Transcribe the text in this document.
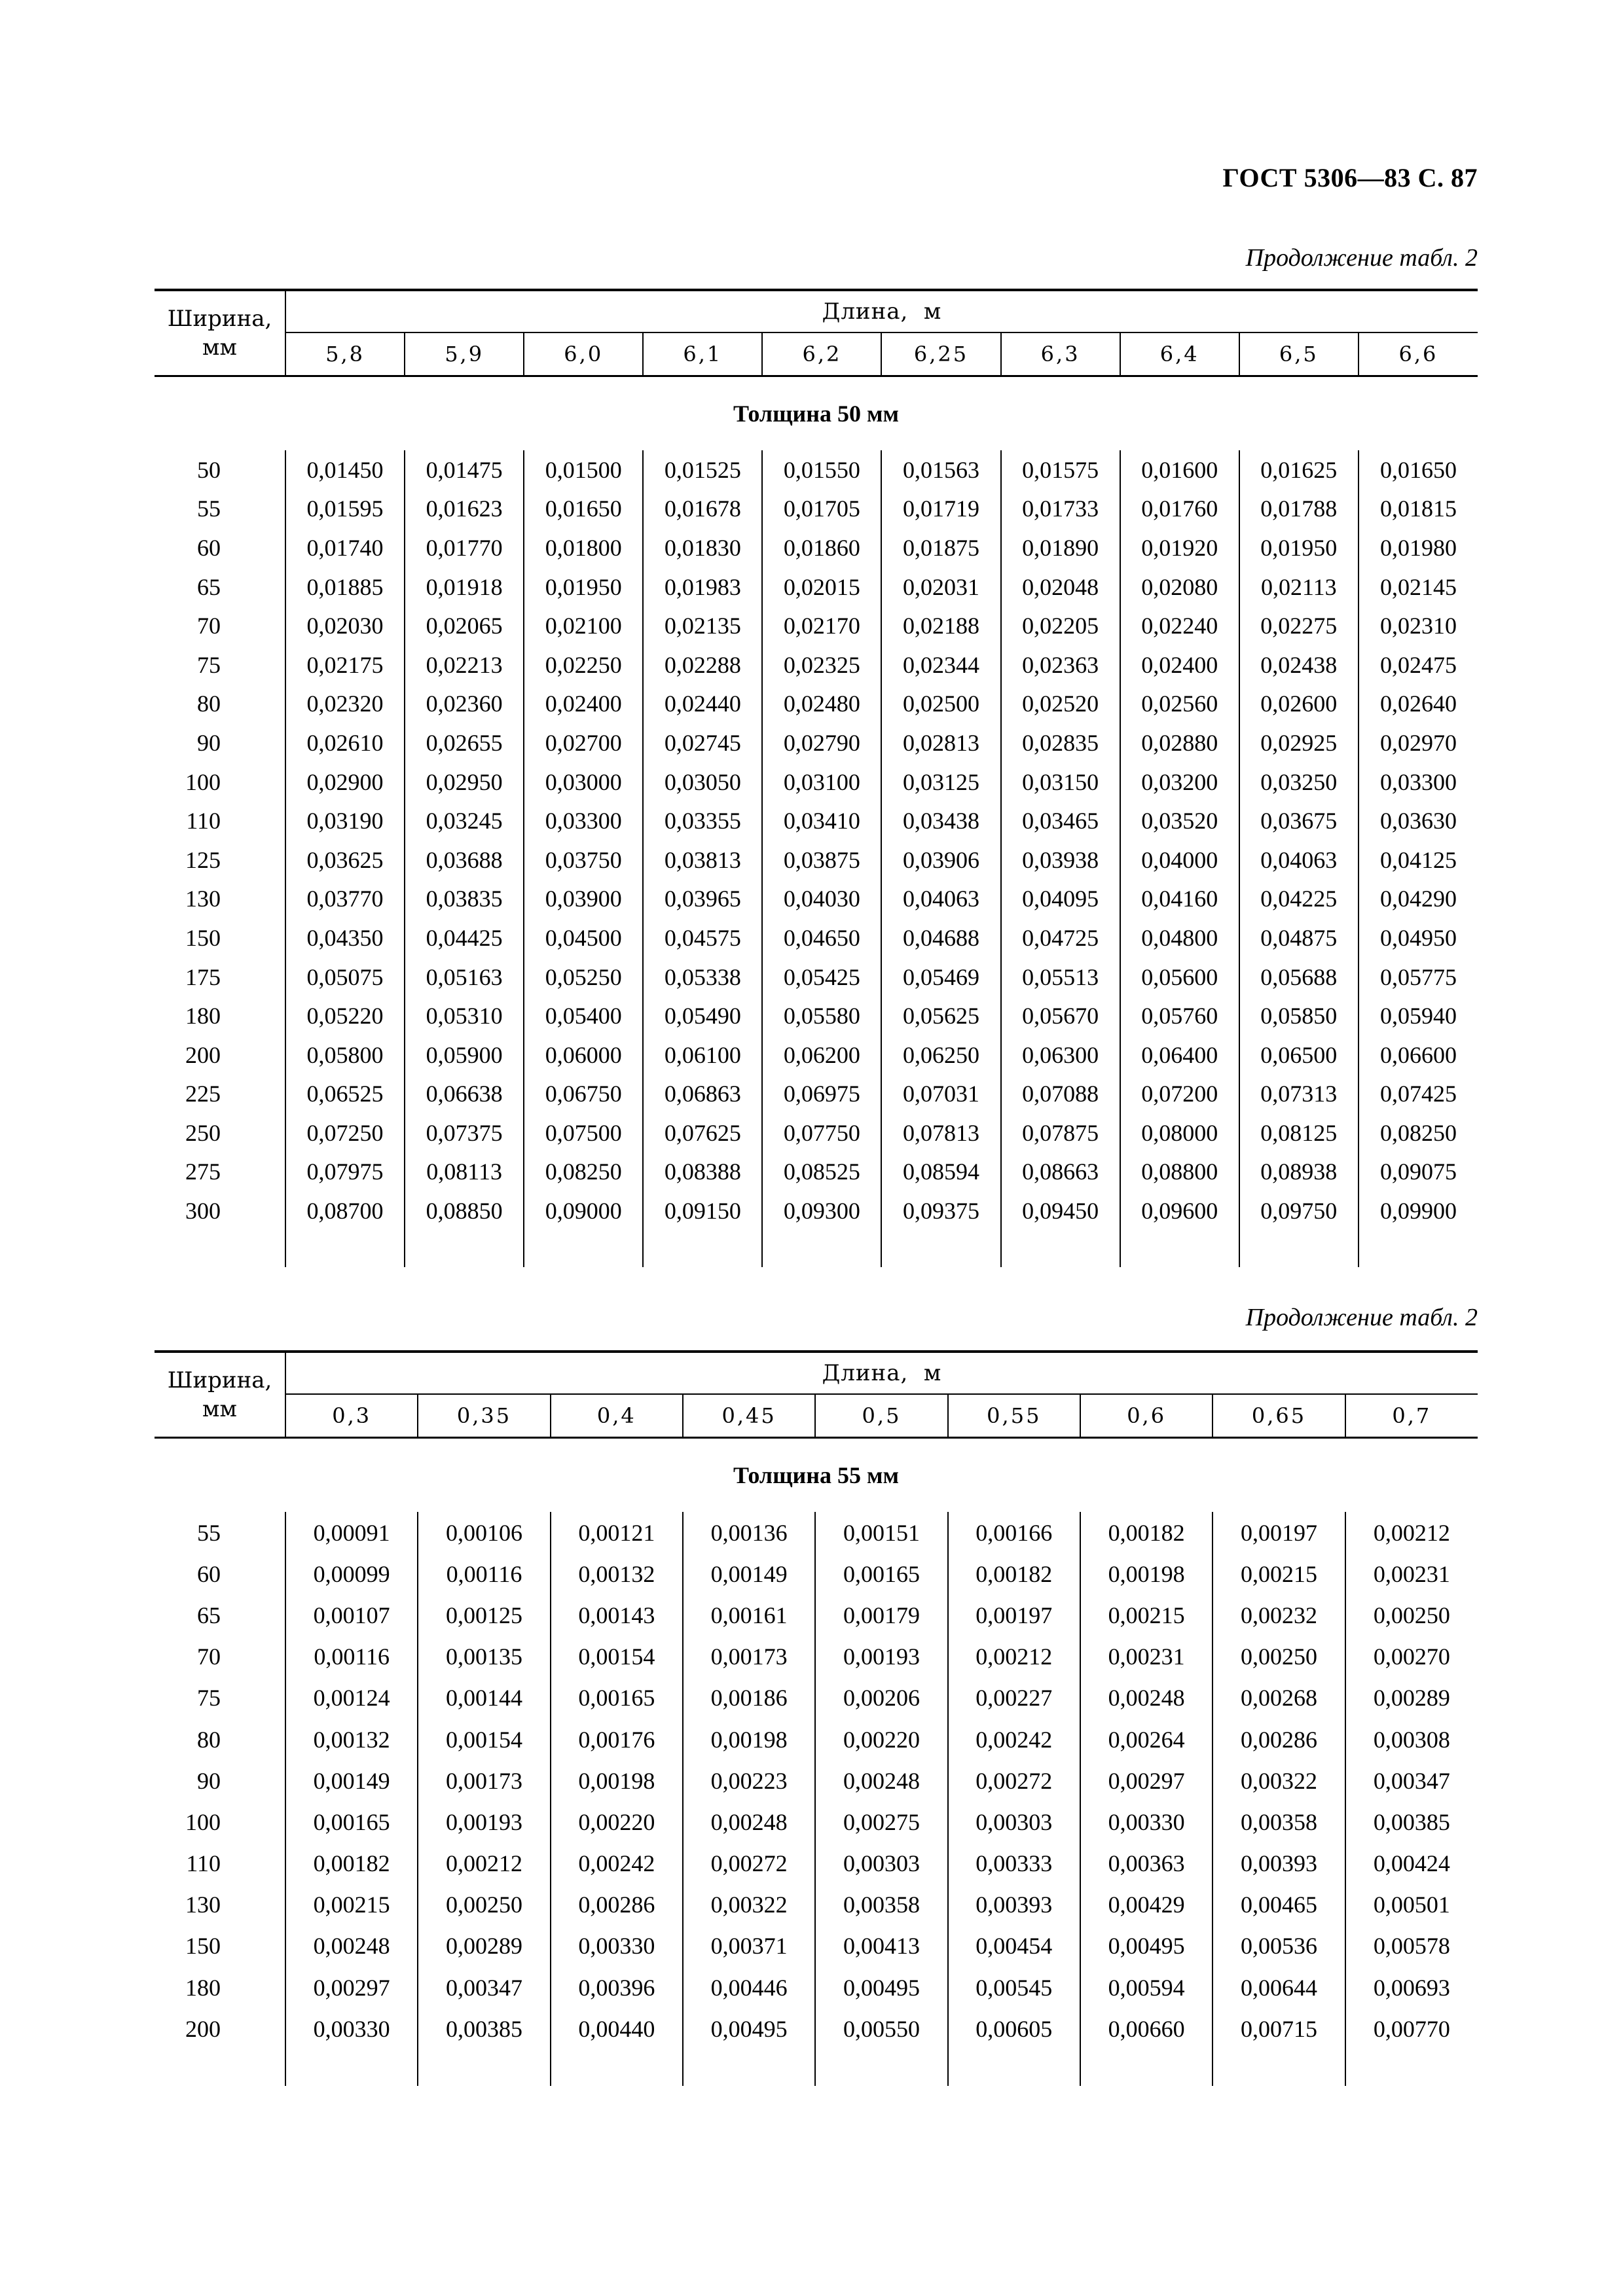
ГОСТ 5306—83 С. 87
Продолжение табл. 2
Ширина,
мм	Длина,  м									
	5,8	5,9	6,0	6,1	6,2	6,25	6,3	6,4	6,5	6,6
Толщина 50 мм										
50	0,01450	0,01475	0,01500	0,01525	0,01550	0,01563	0,01575	0,01600	0,01625	0,01650
55	0,01595	0,01623	0,01650	0,01678	0,01705	0,01719	0,01733	0,01760	0,01788	0,01815
60	0,01740	0,01770	0,01800	0,01830	0,01860	0,01875	0,01890	0,01920	0,01950	0,01980
65	0,01885	0,01918	0,01950	0,01983	0,02015	0,02031	0,02048	0,02080	0,02113	0,02145
70	0,02030	0,02065	0,02100	0,02135	0,02170	0,02188	0,02205	0,02240	0,02275	0,02310
75	0,02175	0,02213	0,02250	0,02288	0,02325	0,02344	0,02363	0,02400	0,02438	0,02475
80	0,02320	0,02360	0,02400	0,02440	0,02480	0,02500	0,02520	0,02560	0,02600	0,02640
90	0,02610	0,02655	0,02700	0,02745	0,02790	0,02813	0,02835	0,02880	0,02925	0,02970
100	0,02900	0,02950	0,03000	0,03050	0,03100	0,03125	0,03150	0,03200	0,03250	0,03300
110	0,03190	0,03245	0,03300	0,03355	0,03410	0,03438	0,03465	0,03520	0,03675	0,03630
125	0,03625	0,03688	0,03750	0,03813	0,03875	0,03906	0,03938	0,04000	0,04063	0,04125
130	0,03770	0,03835	0,03900	0,03965	0,04030	0,04063	0,04095	0,04160	0,04225	0,04290
150	0,04350	0,04425	0,04500	0,04575	0,04650	0,04688	0,04725	0,04800	0,04875	0,04950
175	0,05075	0,05163	0,05250	0,05338	0,05425	0,05469	0,05513	0,05600	0,05688	0,05775
180	0,05220	0,05310	0,05400	0,05490	0,05580	0,05625	0,05670	0,05760	0,05850	0,05940
200	0,05800	0,05900	0,06000	0,06100	0,06200	0,06250	0,06300	0,06400	0,06500	0,06600
225	0,06525	0,06638	0,06750	0,06863	0,06975	0,07031	0,07088	0,07200	0,07313	0,07425
250	0,07250	0,07375	0,07500	0,07625	0,07750	0,07813	0,07875	0,08000	0,08125	0,08250
275	0,07975	0,08113	0,08250	0,08388	0,08525	0,08594	0,08663	0,08800	0,08938	0,09075
300	0,08700	0,08850	0,09000	0,09150	0,09300	0,09375	0,09450	0,09600	0,09750	0,09900

Продолжение табл. 2
Ширина,
мм	Длина,  м								
	0,3	0,35	0,4	0,45	0,5	0,55	0,6	0,65	0,7
Толщина 55 мм									
55	0,00091	0,00106	0,00121	0,00136	0,00151	0,00166	0,00182	0,00197	0,00212
60	0,00099	0,00116	0,00132	0,00149	0,00165	0,00182	0,00198	0,00215	0,00231
65	0,00107	0,00125	0,00143	0,00161	0,00179	0,00197	0,00215	0,00232	0,00250
70	0,00116	0,00135	0,00154	0,00173	0,00193	0,00212	0,00231	0,00250	0,00270
75	0,00124	0,00144	0,00165	0,00186	0,00206	0,00227	0,00248	0,00268	0,00289
80	0,00132	0,00154	0,00176	0,00198	0,00220	0,00242	0,00264	0,00286	0,00308
90	0,00149	0,00173	0,00198	0,00223	0,00248	0,00272	0,00297	0,00322	0,00347
100	0,00165	0,00193	0,00220	0,00248	0,00275	0,00303	0,00330	0,00358	0,00385
110	0,00182	0,00212	0,00242	0,00272	0,00303	0,00333	0,00363	0,00393	0,00424
130	0,00215	0,00250	0,00286	0,00322	0,00358	0,00393	0,00429	0,00465	0,00501
150	0,00248	0,00289	0,00330	0,00371	0,00413	0,00454	0,00495	0,00536	0,00578
180	0,00297	0,00347	0,00396	0,00446	0,00495	0,00545	0,00594	0,00644	0,00693
200	0,00330	0,00385	0,00440	0,00495	0,00550	0,00605	0,00660	0,00715	0,00770
